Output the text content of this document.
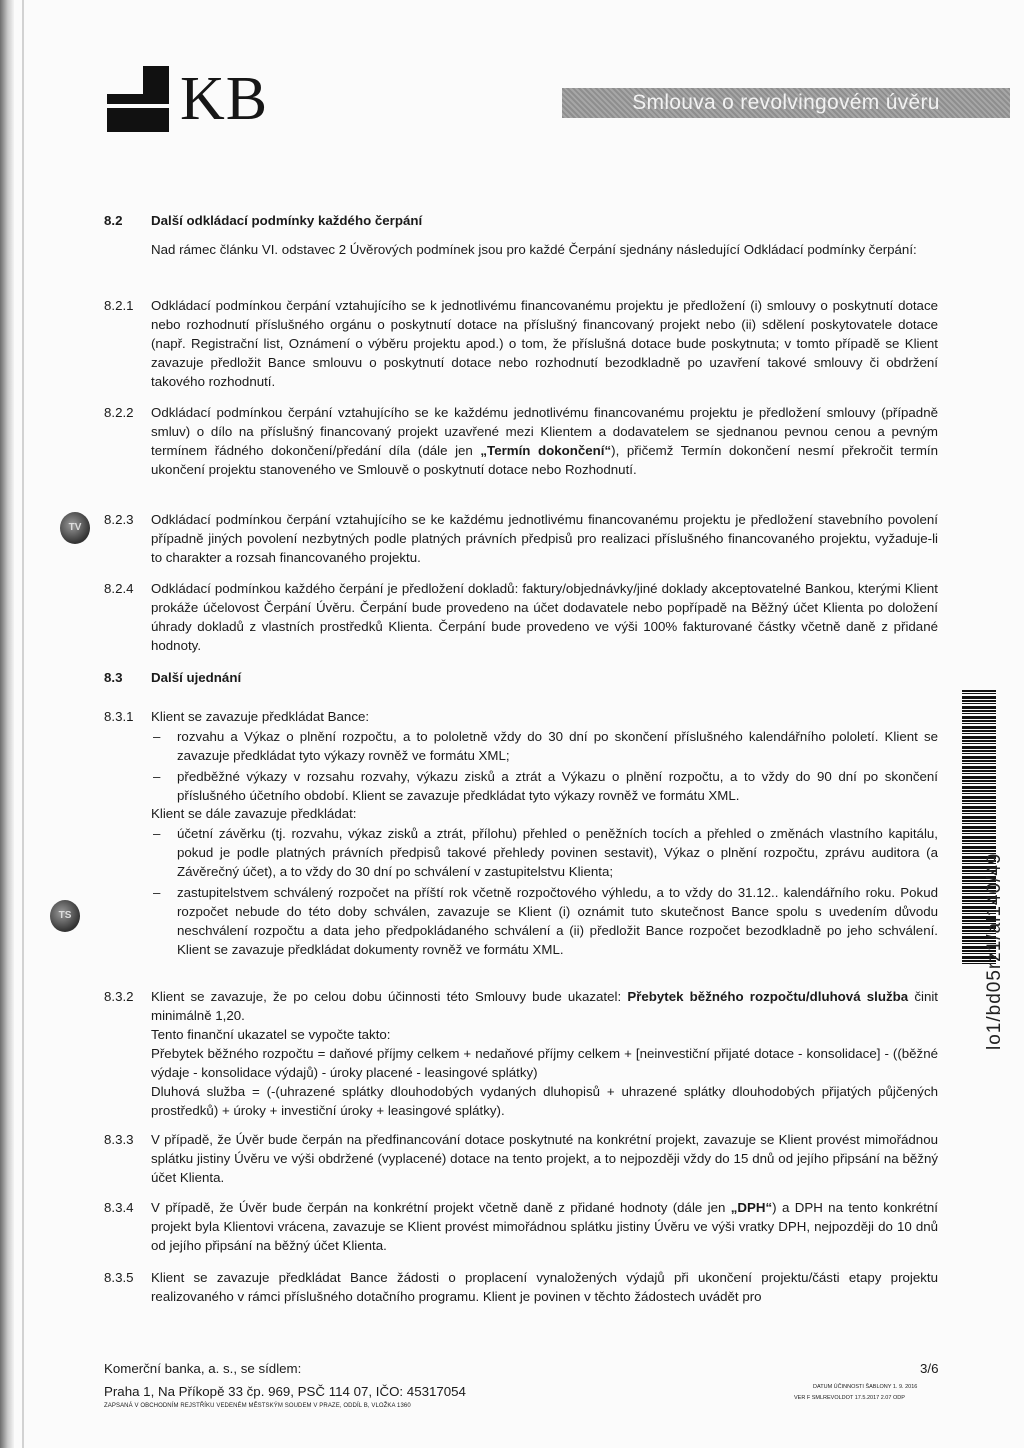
KB	Smlouva o revolvingovém úvěru
8.2 Další odkládací podmínky každého čerpání

Nad rámec článku VI. odstavec 2 Úvěrových podmínek jsou pro každé Čerpání sjednány následující Odkládací podmínky čerpání:

8.2.1 Odkládací podmínkou čerpání vztahujícího se k jednotlivému financovanému projektu je předložení (i) smlouvy o poskytnutí dotace nebo rozhodnutí příslušného orgánu o poskytnutí dotace na příslušný financovaný projekt nebo (ii) sdělení poskytovatele dotace (např. Registrační list, Oznámení o výběru projektu apod.) o tom, že příslušná dotace bude poskytnuta; v tomto případě se Klient zavazuje předložit Bance smlouvu o poskytnutí dotace nebo rozhodnutí bezodkladně po uzavření takové smlouvy či obdržení takového rozhodnutí.

8.2.2 Odkládací podmínkou čerpání vztahujícího se ke každému jednotlivému financovanému projektu je předložení smlouvy (případně smluv) o dílo na příslušný financovaný projekt uzavřené mezi Klientem a dodavatelem se sjednanou pevnou cenou a pevným termínem řádného dokončení/předání díla (dále jen „Termín dokončení“), přičemž Termín dokončení nesmí překročit termín ukončení projektu stanoveného ve Smlouvě o poskytnutí dotace nebo Rozhodnutí.

8.2.3 Odkládací podmínkou čerpání vztahujícího se ke každému jednotlivému financovanému projektu je předložení stavebního povolení případně jiných povolení nezbytných podle platných právních předpisů pro realizaci příslušného financovaného projektu, vyžaduje-li to charakter a rozsah financovaného projektu.

8.2.4 Odkládací podmínkou každého čerpání je předložení dokladů: faktury/objednávky/jiné doklady akceptovatelné Bankou, kterými Klient prokáže účelovost Čerpání Úvěru. Čerpání bude provedeno na účet dodavatele nebo popřípadě na Běžný účet Klienta po doložení úhrady dokladů z vlastních prostředků Klienta. Čerpání bude provedeno ve výši 100% fakturované částky včetně daně z přidané hodnoty.

8.3 Další ujednání

8.3.1 Klient se zavazuje předkládat Bance:

– rozvahu a Výkaz o plnění rozpočtu, a to pololetně vždy do 30 dní po skončení příslušného kalendářního pololetí. Klient se zavazuje předkládat tyto výkazy rovněž ve formátu XML;
– předběžné výkazy v rozsahu rozvahy, výkazu zisků a ztrát a Výkazu o plnění rozpočtu, a to vždy do 90 dní po skončení příslušného účetního období. Klient se zavazuje předkládat tyto výkazy rovněž ve formátu XML.

Klient se dále zavazuje předkládat:

– účetní závěrku (tj. rozvahu, výkaz zisků a ztrát, přílohu) přehled o peněžních tocích a přehled o změnách vlastního kapitálu, pokud je podle platných právních předpisů takové přehledy povinen sestavit), Výkaz o plnění rozpočtu, zprávu auditora (a Závěrečný účet), a to vždy do 30 dní po schválení v zastupitelstvu Klienta;
– zastupitelstvem schválený rozpočet na příští rok včetně rozpočtového výhledu, a to vždy do 31.12.. kalendářního roku. Pokud rozpočet nebude do této doby schválen, zavazuje se Klient (i) oznámit tuto skutečnost Bance spolu s uvedením důvodu neschválení rozpočtu a data jeho předpokládaného schválení a (ii) předložit Bance rozpočet bezodkladně po jeho schválení. Klient se zavazuje předkládat dokumenty rovněž ve formátu XML.
8.3.2 Klient se zavazuje, že po celou dobu účinnosti této Smlouvy bude ukazatel: Přebytek běžného rozpočtu/dluhová služba činit minimálně 1,20.

Tento finanční ukazatel se vypočte takto:

Přebytek běžného rozpočtu = daňové příjmy celkem + nedaňové příjmy celkem + [neinvestiční přijaté dotace - konsolidace] - ((běžné výdaje - konsolidace výdajů) - úroky placené - leasingové splátky)

Dluhová služba = (-(uhrazené splátky dlouhodobých vydaných dluhopisů + uhrazené splátky dlouhodobých přijatých půjčených prostředků) + úroky + investiční úroky + leasingové splátky).

8.3.3 V případě, že Úvěr bude čerpán na předfinancování dotace poskytnuté na konkrétní projekt, zavazuje se Klient provést mimořádnou splátku jistiny Úvěru ve výši obdržené (vyplacené) dotace na tento projekt, a to nejpozději vždy do 15 dnů od jejího připsání na běžný účet Klienta.

8.3.4 V případě, že Úvěr bude čerpán na konkrétní projekt včetně daně z přidané hodnoty (dále jen „DPH“) a DPH na tento konkrétní projekt byla Klientovi vrácena, zavazuje se Klient provést mimořádnou splátku jistiny Úvěru ve výši vratky DPH, nejpozději do 10 dnů od jejího připsání na běžný účet Klienta.

8.3.5 Klient se zavazuje předkládat Bance žádosti o proplacení vynaložených výdajů při ukončení projektu/části etapy projektu realizovaného v rámci příslušného dotačního programu. Klient je povinen v těchto žádostech uvádět pro

TV
TS	lo1/bd05rz1/al140/49
Komerční banka, a. s., se sídlem:
Praha 1, Na Příkopě 33 čp. 969, PSČ 114 07, IČO: 45317054
ZAPSANÁ V OBCHODNÍM REJSTŘÍKU VEDENÉM MĚSTSKÝM SOUDEM V PRAZE, ODDÍL B, VLOŽKA 1360
3/6
DATUM ÚČINNOSTI ŠABLONY 1. 9. 2016
VER F SMLREVOLDOT 17.5.2017 2.07 ODP
